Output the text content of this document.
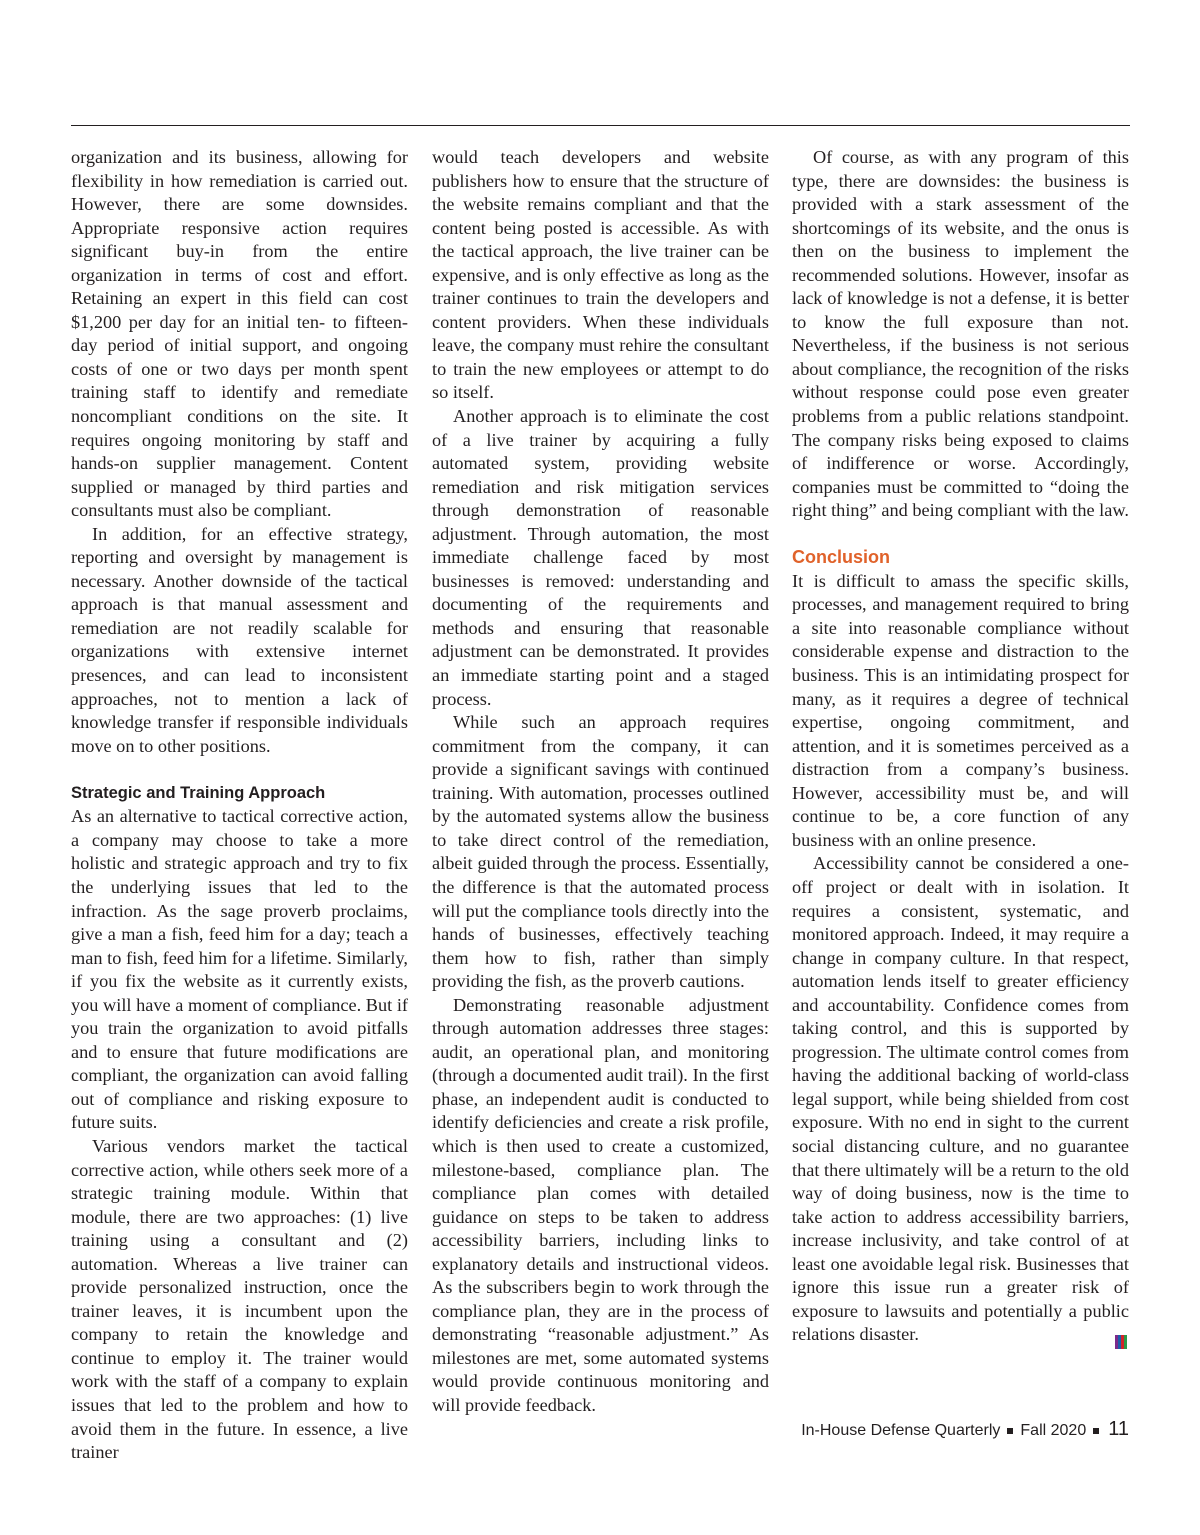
organization and its business, allowing for flexibility in how remediation is carried out. However, there are some downsides. Appropriate responsive action requires significant buy-in from the entire organization in terms of cost and effort. Retaining an expert in this field can cost $1,200 per day for an initial ten- to fifteen-day period of initial support, and ongoing costs of one or two days per month spent training staff to identify and remediate noncompliant conditions on the site. It requires ongoing monitoring by staff and hands-on supplier management. Content supplied or managed by third parties and consultants must also be compliant.

In addition, for an effective strategy, reporting and oversight by management is necessary. Another downside of the tactical approach is that manual assessment and remediation are not readily scalable for organizations with extensive internet presences, and can lead to inconsistent approaches, not to mention a lack of knowledge transfer if responsible individuals move on to other positions.

Strategic and Training Approach

As an alternative to tactical corrective action, a company may choose to take a more holistic and strategic approach and try to fix the underlying issues that led to the infraction. As the sage proverb proclaims, give a man a fish, feed him for a day; teach a man to fish, feed him for a lifetime. Similarly, if you fix the website as it currently exists, you will have a moment of compliance. But if you train the organization to avoid pitfalls and to ensure that future modifications are compliant, the organization can avoid falling out of compliance and risking exposure to future suits.

Various vendors market the tactical corrective action, while others seek more of a strategic training module. Within that module, there are two approaches: (1) live training using a consultant and (2) automation. Whereas a live trainer can provide personalized instruction, once the trainer leaves, it is incumbent upon the company to retain the knowledge and continue to employ it. The trainer would work with the staff of a company to explain issues that led to the problem and how to avoid them in the future. In essence, a live trainer

would teach developers and website publishers how to ensure that the structure of the website remains compliant and that the content being posted is accessible. As with the tactical approach, the live trainer can be expensive, and is only effective as long as the trainer continues to train the developers and content providers. When these individuals leave, the company must rehire the consultant to train the new employees or attempt to do so itself.

Another approach is to eliminate the cost of a live trainer by acquiring a fully automated system, providing website remediation and risk mitigation services through demonstration of reasonable adjustment. Through automation, the most immediate challenge faced by most businesses is removed: understanding and documenting of the requirements and methods and ensuring that reasonable adjustment can be demonstrated. It provides an immediate starting point and a staged process.

While such an approach requires commitment from the company, it can provide a significant savings with continued training. With automation, processes outlined by the automated systems allow the business to take direct control of the remediation, albeit guided through the process. Essentially, the difference is that the automated process will put the compliance tools directly into the hands of businesses, effectively teaching them how to fish, rather than simply providing the fish, as the proverb cautions.

Demonstrating reasonable adjustment through automation addresses three stages: audit, an operational plan, and monitoring (through a documented audit trail). In the first phase, an independent audit is conducted to identify deficiencies and create a risk profile, which is then used to create a customized, milestone-based, compliance plan. The compliance plan comes with detailed guidance on steps to be taken to address accessibility barriers, including links to explanatory details and instructional videos. As the subscribers begin to work through the compliance plan, they are in the process of demonstrating “reasonable adjustment.” As milestones are met, some automated systems would provide continuous monitoring and will provide feedback.

Of course, as with any program of this type, there are downsides: the business is provided with a stark assessment of the shortcomings of its website, and the onus is then on the business to implement the recommended solutions. However, insofar as lack of knowledge is not a defense, it is better to know the full exposure than not. Nevertheless, if the business is not serious about compliance, the recognition of the risks without response could pose even greater problems from a public relations standpoint. The company risks being exposed to claims of indifference or worse. Accordingly, companies must be committed to “doing the right thing” and being compliant with the law.

Conclusion

It is difficult to amass the specific skills, processes, and management required to bring a site into reasonable compliance without considerable expense and distraction to the business. This is an intimidating prospect for many, as it requires a degree of technical expertise, ongoing commitment, and attention, and it is sometimes perceived as a distraction from a company’s business. However, accessibility must be, and will continue to be, a core function of any business with an online presence.

Accessibility cannot be considered a one-off project or dealt with in isolation. It requires a consistent, systematic, and monitored approach. Indeed, it may require a change in company culture. In that respect, automation lends itself to greater efficiency and accountability. Confidence comes from taking control, and this is supported by progression. The ultimate control comes from having the additional backing of world-class legal support, while being shielded from cost exposure. With no end in sight to the current social distancing culture, and no guarantee that there ultimately will be a return to the old way of doing business, now is the time to take action to address accessibility barriers, increase inclusivity, and take control of at least one avoidable legal risk. Businesses that ignore this issue run a greater risk of exposure to lawsuits and potentially a public relations disaster.

In-House Defense Quarterly Fall 2020 11
